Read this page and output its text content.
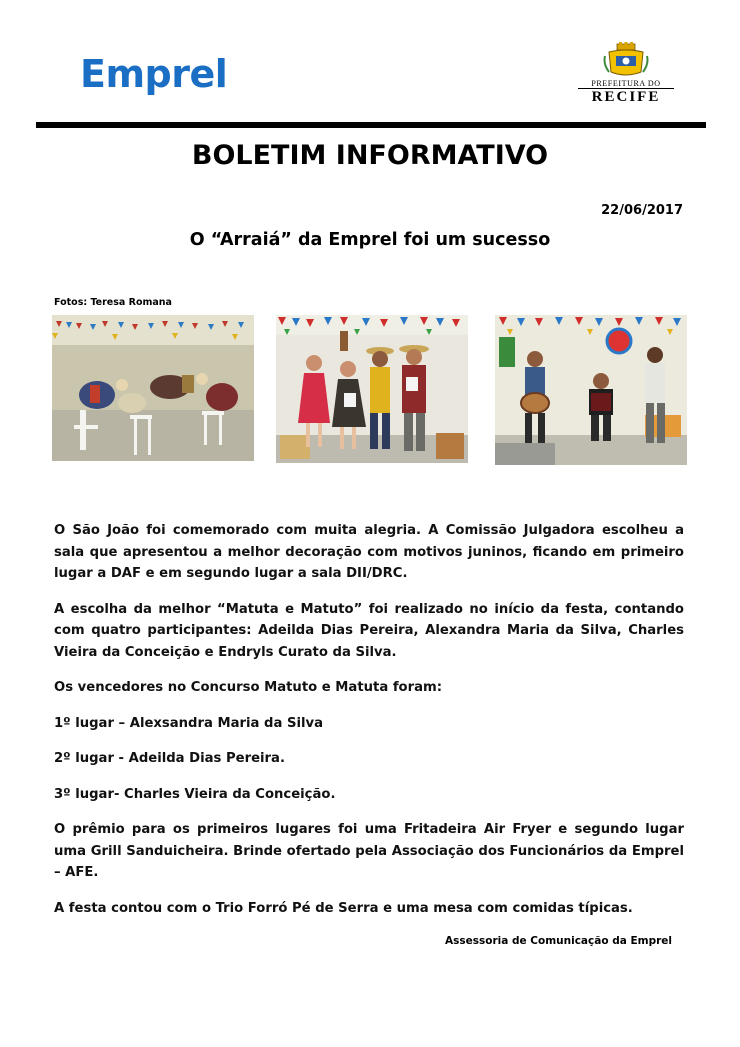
Emprel	PREFEITURA DO
RECIFE
BOLETIM INFORMATIVO
22/06/2017
O “Arraiá” da Emprel foi um sucesso
Fotos: Teresa Romana

O São João foi comemorado com muita alegria. A Comissão Julgadora escolheu a sala que apresentou a melhor decoração com motivos juninos, ficando em primeiro lugar a DAF e em segundo lugar a sala DII/DRC.

A escolha da melhor “Matuta e Matuto” foi realizado no início da festa, contando com quatro participantes: Adeilda Dias Pereira, Alexandra Maria da Silva, Charles Vieira da Conceição e Endryls Curato da Silva.

Os vencedores no Concurso Matuto e Matuta foram:

1º lugar – Alexsandra Maria da Silva

2º lugar - Adeilda Dias Pereira.

3º lugar- Charles Vieira da Conceição.

O prêmio para os primeiros lugares foi uma Fritadeira Air Fryer e segundo lugar uma Grill Sanduicheira. Brinde ofertado pela Associação dos Funcionários da Emprel – AFE.

A festa contou com o Trio Forró Pé de Serra e uma mesa com comidas típicas.

Assessoria de Comunicação da Emprel
